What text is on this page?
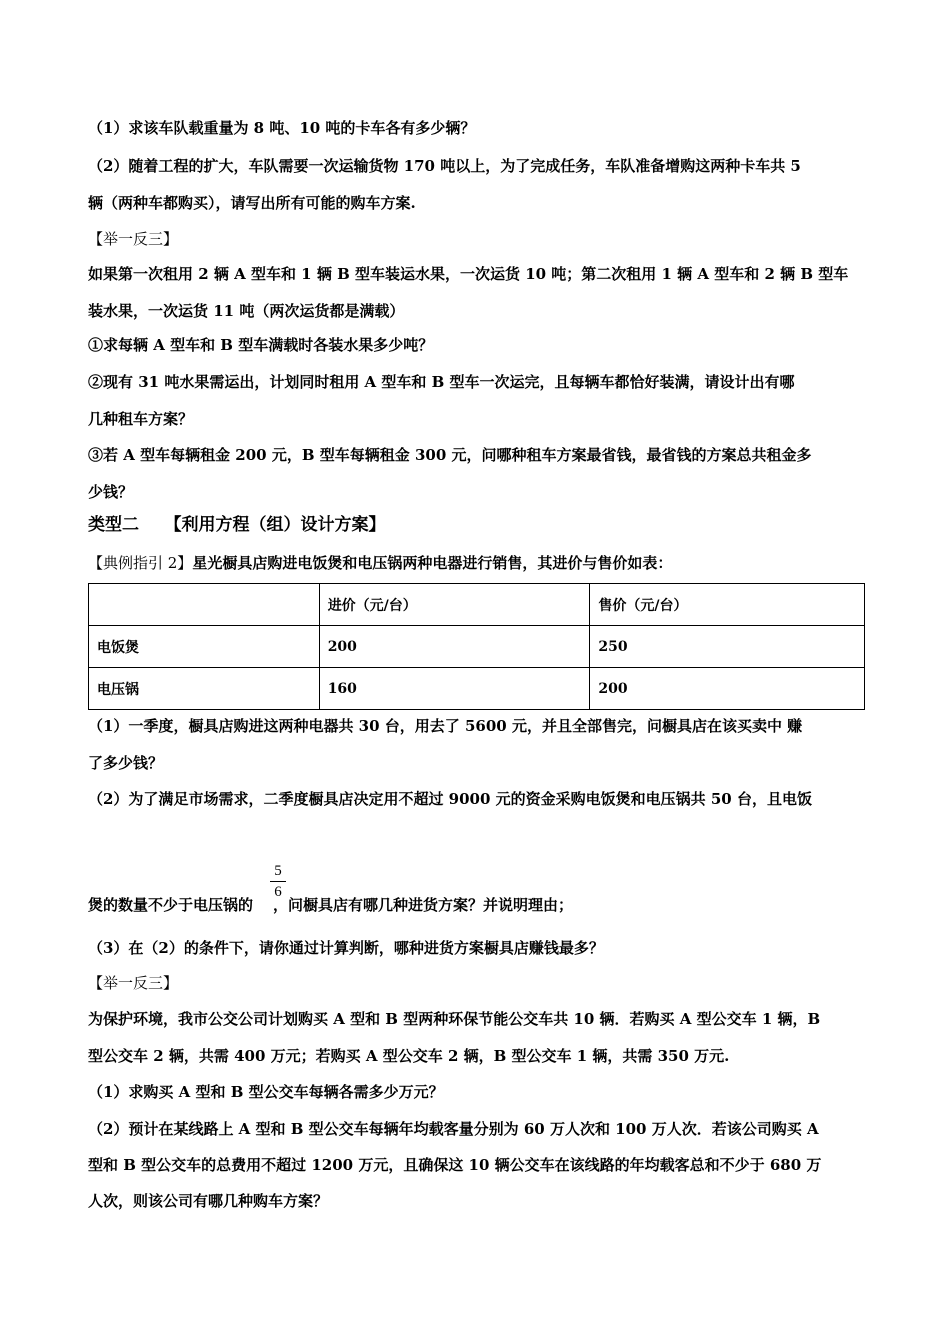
（1）求该车队载重量为 8 吨、10 吨的卡车各有多少辆？
（2）随着工程的扩大，车队需要一次运输货物 170 吨以上，为了完成任务，车队准备增购这两种卡车共 5
辆（两种车都购买），请写出所有可能的购车方案.
【举一反三】
如果第一次租用 2 辆 A 型车和 1 辆 B 型车装运水果，一次运货 10 吨；第二次租用 1 辆 A 型车和 2 辆 B 型车
装水果，一次运货 11 吨（两次运货都是满载）
①求每辆 A 型车和 B 型车满载时各装水果多少吨？
②现有 31 吨水果需运出，计划同时租用 A 型车和 B 型车一次运完，且每辆车都恰好装满，请设计出有哪
几种租车方案？
③若 A 型车每辆租金 200 元，B 型车每辆租金 300 元，问哪种租车方案最省钱，最省钱的方案总共租金多
少钱？
类型二　　【利用方程（组）设计方案】
【典例指引 2】星光橱具店购进电饭煲和电压锅两种电器进行销售，其进价与售价如表：
	进价（元/台）	售价（元/台）
电饭煲	200	250
电压锅	160	200
（1）一季度，橱具店购进这两种电器共 30 台，用去了 5600 元，并且全部售完，问橱具店在该买卖中 赚
了多少钱？
（2）为了满足市场需求，二季度橱具店决定用不超过 9000 元的资金采购电饭煲和电压锅共 50 台，且电饭
煲的数量不少于电压锅的 ，问橱具店有哪几种进货方案？并说明理由；
5
6
（3）在（2）的条件下，请你通过计算判断，哪种进货方案橱具店赚钱最多？
【举一反三】
为保护环境，我市公交公司计划购买 A 型和 B 型两种环保节能公交车共 10 辆．若购买 A 型公交车 1 辆，B
型公交车 2 辆，共需 400 万元；若购买 A 型公交车 2 辆，B 型公交车 1 辆，共需 350 万元.
（1）求购买 A 型和 B 型公交车每辆各需多少万元？
（2）预计在某线路上 A 型和 B 型公交车每辆年均载客量分别为 60 万人次和 100 万人次．若该公司购买 A
型和 B 型公交车的总费用不超过 1200 万元，且确保这 10 辆公交车在该线路的年均载客总和不少于 680 万
人次，则该公司有哪几种购车方案？
